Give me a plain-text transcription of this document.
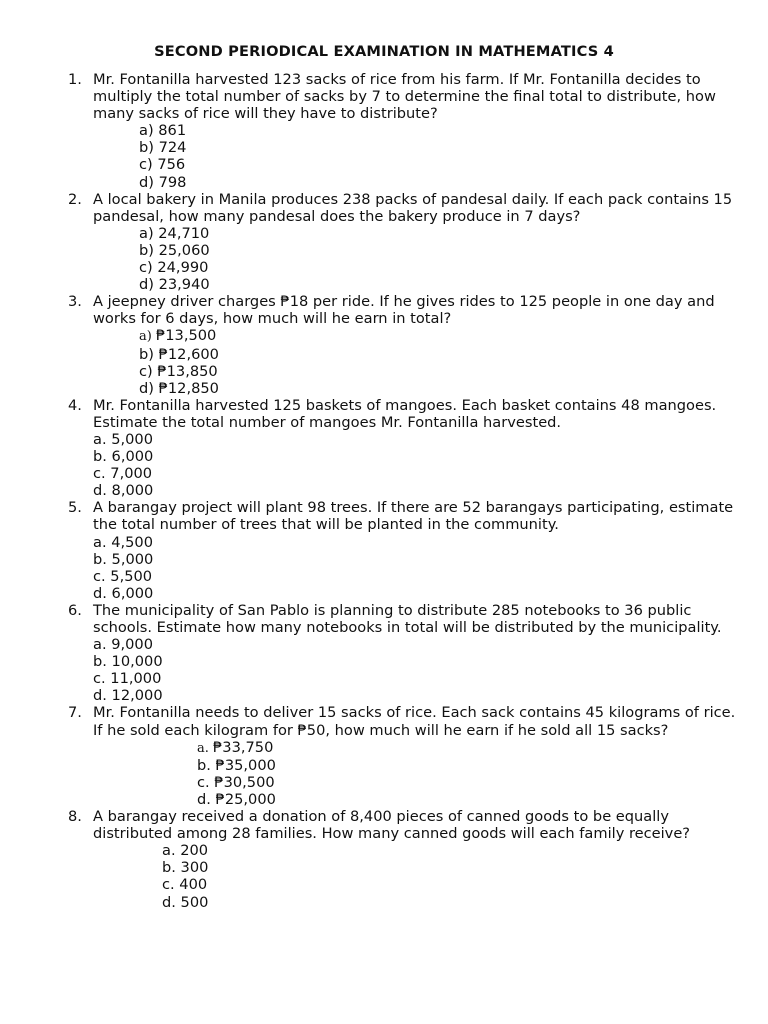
SECOND PERIODICAL EXAMINATION IN MATHEMATICS 4
1. Mr. Fontanilla harvested 123 sacks of rice from his farm. If Mr. Fontanilla decides to multiply the total number of sacks by 7 to determine the final total to distribute, how many sacks of rice will they have to distribute?
a) 861
b) 724
c) 756
d) 798
2. A local bakery in Manila produces 238 packs of pandesal daily. If each pack contains 15 pandesal, how many pandesal does the bakery produce in 7 days?
a) 24,710
b) 25,060
c) 24,990
d) 23,940
3. A jeepney driver charges ₱18 per ride. If he gives rides to 125 people in one day and works for 6 days, how much will he earn in total?
a) ₱13,500
b) ₱12,600
c) ₱13,850
d) ₱12,850
4. Mr. Fontanilla harvested 125 baskets of mangoes. Each basket contains 48 mangoes. Estimate the total number of mangoes Mr. Fontanilla harvested.
a. 5,000
b. 6,000
c. 7,000
d. 8,000
5. A barangay project will plant 98 trees. If there are 52 barangays participating, estimate the total number of trees that will be planted in the community.
a. 4,500
b. 5,000
c. 5,500
d. 6,000
6. The municipality of San Pablo is planning to distribute 285 notebooks to 36 public schools. Estimate how many notebooks in total will be distributed by the municipality.
a. 9,000
b. 10,000
c. 11,000
d. 12,000
7. Mr. Fontanilla needs to deliver 15 sacks of rice. Each sack contains 45 kilograms of rice. If he sold each kilogram for ₱50, how much will he earn if he sold all 15 sacks?
a. ₱33,750
b. ₱35,000
c. ₱30,500
d. ₱25,000
8. A barangay received a donation of 8,400 pieces of canned goods to be equally distributed among 28 families. How many canned goods will each family receive?
a. 200
b. 300
c. 400
d. 500
